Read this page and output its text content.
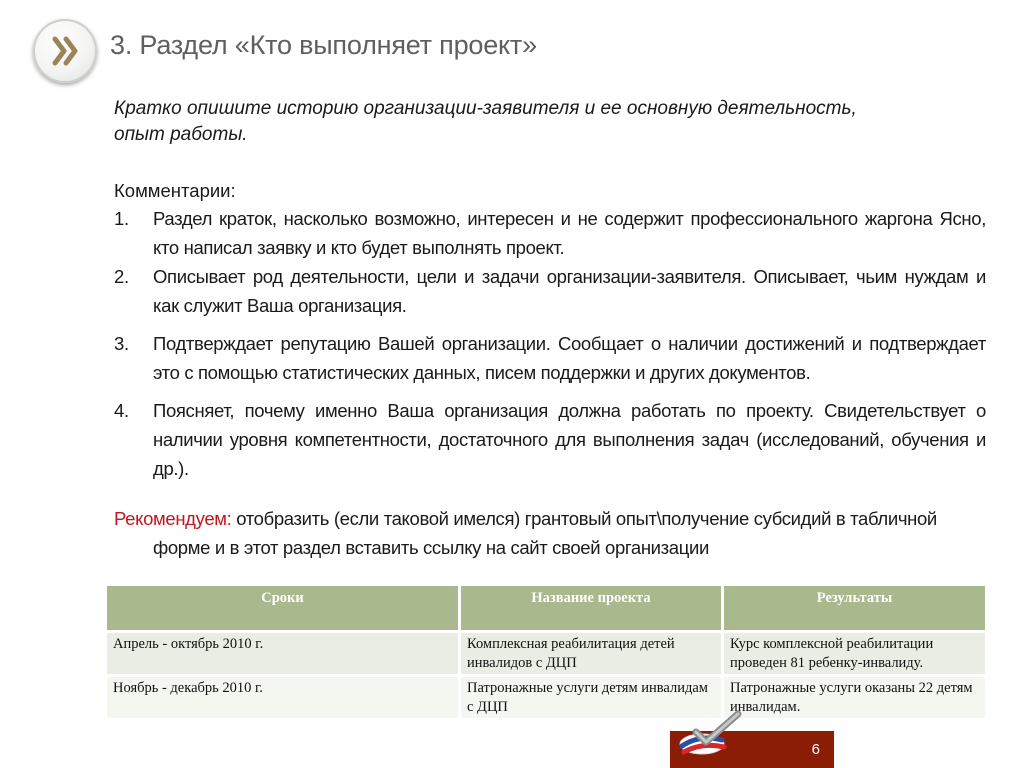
3. Раздел «Кто выполняет проект»
Кратко опишите историю организации-заявителя и ее основную деятельность, опыт работы.
Комментарии:
1. Раздел краток, насколько возможно, интересен и не содержит профессионального жаргона Ясно, кто написал заявку и кто будет выполнять проект.
2. Описывает род деятельности, цели и задачи организации-заявителя. Описывает, чьим нуждам и как служит Ваша организация.
3. Подтверждает репутацию Вашей организации. Сообщает о наличии достижений и подтверждает это с помощью статистических данных, писем поддержки и других документов.
4. Поясняет, почему именно Ваша организация должна работать по проекту. Свидетельствует о наличии уровня компетентности, достаточного для выполнения задач (исследований, обучения и др.).
Рекомендуем: отобразить (если таковой имелся) грантовый опыт\получение субсидий в табличной
форме и в этот раздел вставить ссылку на сайт своей организации
Сроки	Название проекта	Результаты
Апрель - октябрь 2010 г.	Комплексная реабилитация детей инвалидов с ДЦП	Курс комплексной реабилитации проведен 81 ребенку-инвалиду.
Ноябрь - декабрь 2010 г.	Патронажные услуги детям инвалидам с ДЦП	Патронажные услуги оказаны 22 детям инвалидам.
6
